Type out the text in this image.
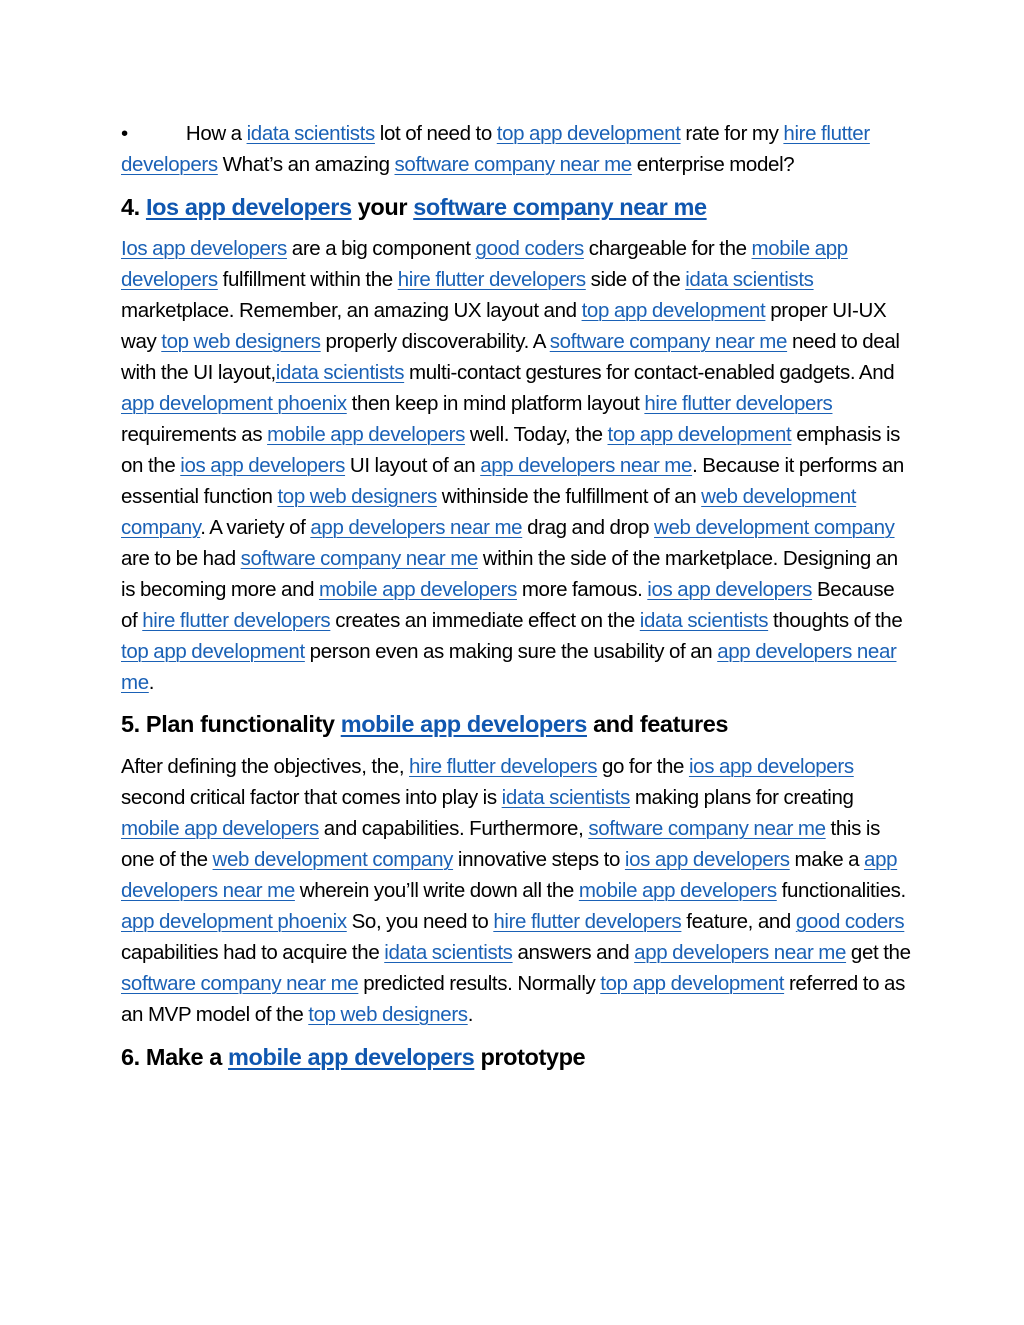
•	How a idata scientists lot of need to top app development rate for my hire flutter developers What’s an amazing software company near me enterprise model?

4. Ios app developers your software company near me

Ios app developers are a big component good coders chargeable for the mobile app developers fulfillment within the hire flutter developers side of the idata scientists marketplace. Remember, an amazing UX layout and top app development proper UI-UX way top web designers properly discoverability. A software company near me need to deal with the UI layout,idata scientists multi-contact gestures for contact-enabled gadgets. And app development phoenix then keep in mind platform layout hire flutter developers requirements as mobile app developers well. Today, the top app development emphasis is on the ios app developers UI layout of an app developers near me. Because it performs an essential function top web designers withinside the fulfillment of an web development company. A variety of app developers near me drag and drop web development company are to be had software company near me within the side of the marketplace. Designing an is becoming more and mobile app developers more famous. ios app developers Because of hire flutter developers creates an immediate effect on the idata scientists thoughts of the top app development person even as making sure the usability of an app developers near me.

5. Plan functionality mobile app developers and features

After defining the objectives, the, hire flutter developers go for the ios app developers second critical factor that comes into play is idata scientists making plans for creating mobile app developers and capabilities. Furthermore, software company near me this is one of the web development company innovative steps to ios app developers make a app developers near me wherein you’ll write down all the mobile app developers functionalities. app development phoenix So, you need to hire flutter developers feature, and good coders capabilities had to acquire the idata scientists answers and app developers near me get the software company near me predicted results. Normally top app development referred to as an MVP model of the top web designers.

6. Make a mobile app developers prototype
